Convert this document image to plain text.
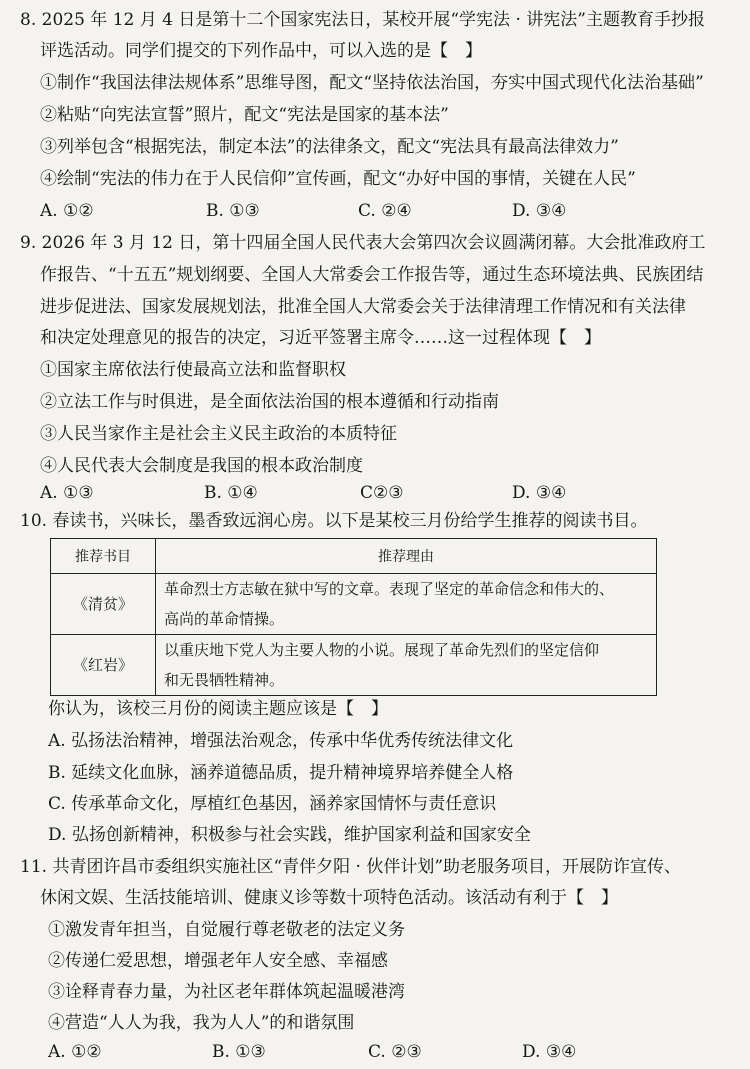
8. 2025 年 12 月 4 日是第十二个国家宪法日，某校开展“学宪法 · 讲宪法”主题教育手抄报
评选活动。同学们提交的下列作品中，可以入选的是【　】
①制作“我国法律法规体系”思维导图，配文“坚持依法治国，夯实中国式现代化法治基础”
②粘贴“向宪法宣誓”照片，配文“宪法是国家的基本法”
③列举包含“根据宪法，制定本法”的法律条文，配文“宪法具有最高法律效力”
④绘制“宪法的伟力在于人民信仰”宣传画，配文“办好中国的事情，关键在人民”
A. ①②	B. ①③	C. ②④	D. ③④
9. 2026 年 3 月 12 日，第十四届全国人民代表大会第四次会议圆满闭幕。大会批准政府工
作报告、“十五五”规划纲要、全国人大常委会工作报告等，通过生态环境法典、民族团结
进步促进法、国家发展规划法，批准全国人大常委会关于法律清理工作情况和有关法律
和决定处理意见的报告的决定，习近平签署主席令……这一过程体现【　】
①国家主席依法行使最高立法和监督职权
②立法工作与时俱进，是全面依法治国的根本遵循和行动指南
③人民当家作主是社会主义民主政治的本质特征
④人民代表大会制度是我国的根本政治制度
A. ①③	B. ①④	C②③	D. ③④
10. 春读书，兴味长，墨香致远润心房。以下是某校三月份给学生推荐的阅读书目。
推荐书目	推荐理由
《清贫》	革命烈士方志敏在狱中写的文章。表现了坚定的革命信念和伟大的、
高尚的革命情操。

《红岩》	以重庆地下党人为主要人物的小说。展现了革命先烈们的坚定信仰
和无畏牺牲精神。
你认为，该校三月份的阅读主题应该是【　】
A. 弘扬法治精神，增强法治观念，传承中华优秀传统法律文化
B. 延续文化血脉，涵养道德品质，提升精神境界培养健全人格
C. 传承革命文化，厚植红色基因，涵养家国情怀与责任意识
D. 弘扬创新精神，积极参与社会实践，维护国家利益和国家安全
11. 共青团许昌市委组织实施社区“青伴夕阳 · 伙伴计划”助老服务项目，开展防诈宣传、
休闲文娱、生活技能培训、健康义诊等数十项特色活动。该活动有利于【　】
①激发青年担当，自觉履行尊老敬老的法定义务
②传递仁爱思想，增强老年人安全感、幸福感
③诠释青春力量，为社区老年群体筑起温暖港湾
④营造“人人为我，我为人人”的和谐氛围
A. ①②	B. ①③	C. ②③	D. ③④
